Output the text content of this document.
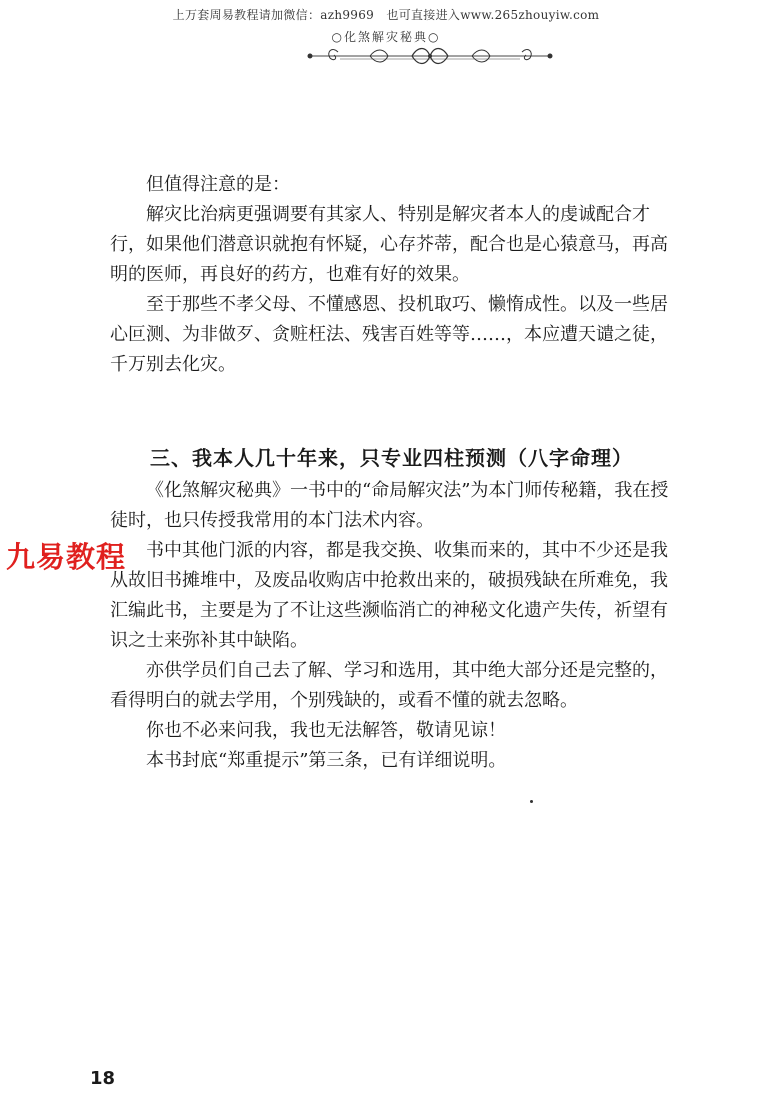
上万套周易教程请加微信：azh9969　也可直接进入www.265zhouyiw.com
○化煞解灾秘典○

但值得注意的是：

解灾比治病更强调要有其家人、特别是解灾者本人的虔诚配合才行，如果他们潜意识就抱有怀疑，心存芥蒂，配合也是心猿意马，再高明的医师，再良好的药方，也难有好的效果。

至于那些不孝父母、不懂感恩、投机取巧、懒惰成性。以及一些居心叵测、为非做歹、贪赃枉法、残害百姓等等……，本应遭天谴之徒，千万别去化灾。

三、我本人几十年来，只专业四柱预测（八字命理）

《化煞解灾秘典》一书中的“命局解灾法”为本门师传秘籍，我在授徒时，也只传授我常用的本门法术内容。

书中其他门派的内容，都是我交换、收集而来的，其中不少还是我从故旧书摊堆中，及废品收购店中抢救出来的，破损残缺在所难免，我汇编此书，主要是为了不让这些濒临消亡的神秘文化遗产失传，祈望有识之士来弥补其中缺陷。

亦供学员们自己去了解、学习和选用，其中绝大部分还是完整的，看得明白的就去学用，个别残缺的，或看不懂的就去忽略。

你也不必来问我，我也无法解答，敬请见谅！

本书封底“郑重提示”第三条，已有详细说明。

九易教程
18
